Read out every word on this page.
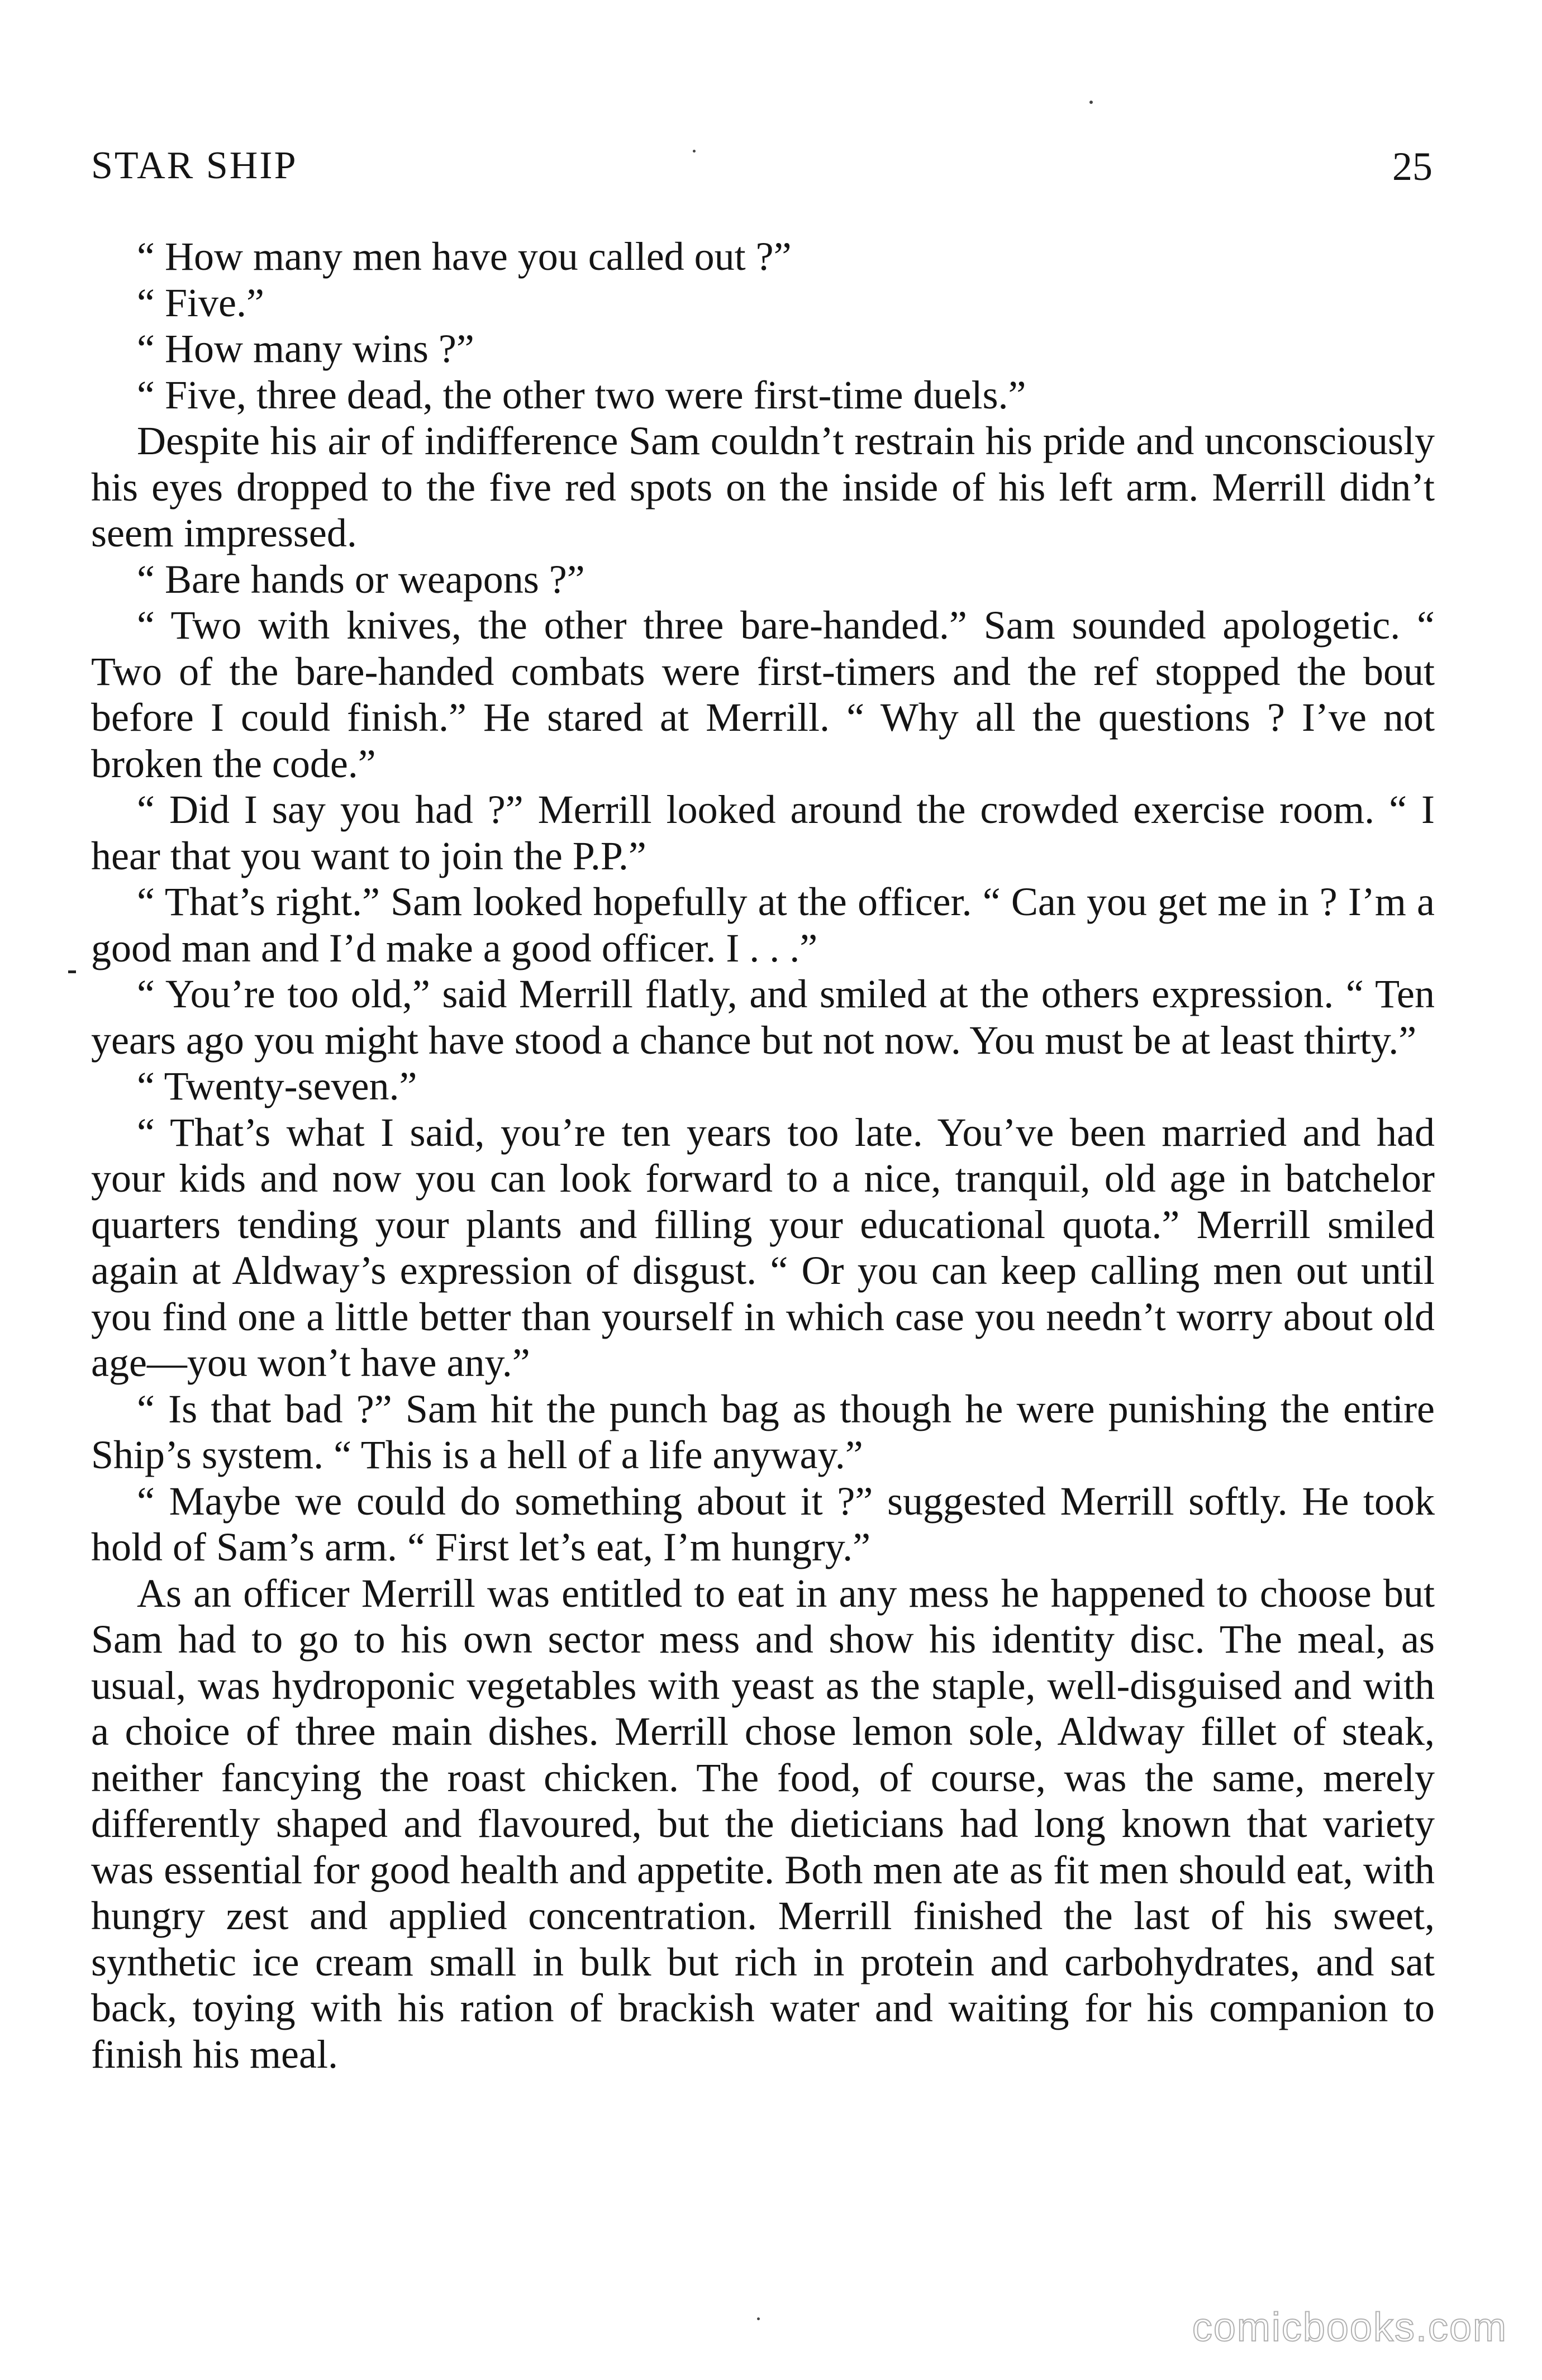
STAR SHIP	25

“ How many men have you called out ?”

“ Five.”

“ How many wins ?”

“ Five, three dead, the other two were first-time duels.”

Despite his air of indifference Sam couldn’t restrain his pride and unconsciously his eyes dropped to the five red spots on the inside of his left arm. Merrill didn’t seem impressed.

“ Bare hands or weapons ?”

“ Two with knives, the other three bare-handed.” Sam sounded apologetic. “ Two of the bare-handed combats were first-timers and the ref stopped the bout before I could finish.” He stared at Merrill. “ Why all the questions ? I’ve not broken the code.”

“ Did I say you had ?” Merrill looked around the crowded exercise room. “ I hear that you want to join the P.P.”

“ That’s right.” Sam looked hopefully at the officer. “ Can you get me in ? I’m a good man and I’d make a good officer. I . . .”

“ You’re too old,” said Merrill flatly, and smiled at the others expression. “ Ten years ago you might have stood a chance but not now. You must be at least thirty.”

“ Twenty-seven.”

“ That’s what I said, you’re ten years too late. You’ve been married and had your kids and now you can look forward to a nice, tranquil, old age in batchelor quarters tending your plants and filling your educational quota.” Merrill smiled again at Aldway’s expression of disgust. “ Or you can keep calling men out until you find one a little better than yourself in which case you needn’t worry about old age—you won’t have any.”

“ Is that bad ?” Sam hit the punch bag as though he were punishing the entire Ship’s system. “ This is a hell of a life anyway.”

“ Maybe we could do something about it ?” suggested Merrill softly. He took hold of Sam’s arm. “ First let’s eat, I’m hungry.”

As an officer Merrill was entitled to eat in any mess he happened to choose but Sam had to go to his own sector mess and show his identity disc. The meal, as usual, was hydroponic vegetables with yeast as the staple, well-disguised and with a choice of three main dishes. Merrill chose lemon sole, Aldway fillet of steak, neither fancying the roast chicken. The food, of course, was the same, merely differently shaped and flavoured, but the dieticians had long known that variety was essential for good health and appetite. Both men ate as fit men should eat, with hungry zest and applied concentration. Merrill finished the last of his sweet, synthetic ice cream small in bulk but rich in protein and carbohydrates, and sat back, toying with his ration of brackish water and waiting for his companion to finish his meal.

comicbooks.com
